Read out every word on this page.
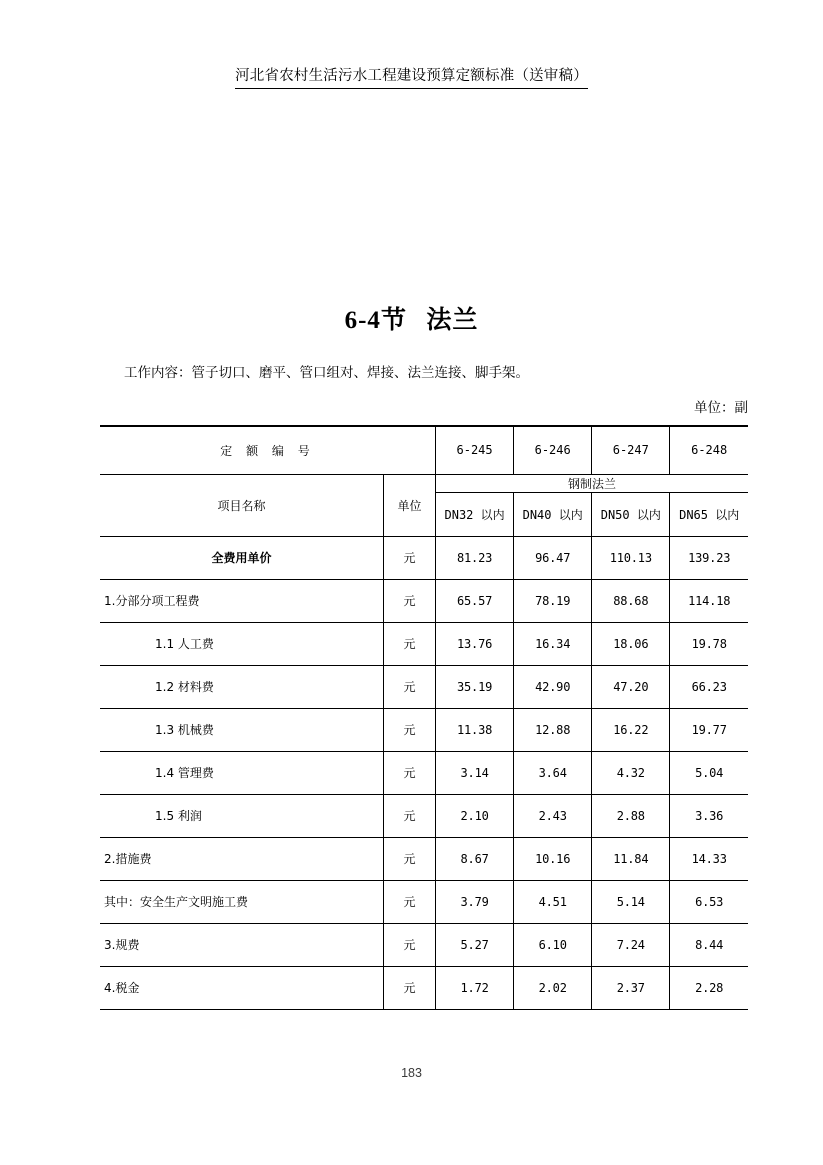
河北省农村生活污水工程建设预算定额标准（送审稿）
6-4节 法兰
工作内容：管子切口、磨平、管口组对、焊接、法兰连接、脚手架。
单位：副
定 额 编 号		6-245	6-246	6-247	6-248
项目名称	单位	钢制法兰			
		DN32 以内	DN40 以内	DN50 以内	DN65 以内
全费用单价	元	81.23	96.47	110.13	139.23
1.分部分项工程费	元	65.57	78.19	88.68	114.18
1.1 人工费	元	13.76	16.34	18.06	19.78
1.2 材料费	元	35.19	42.90	47.20	66.23
1.3 机械费	元	11.38	12.88	16.22	19.77
1.4 管理费	元	3.14	3.64	4.32	5.04
1.5 利润	元	2.10	2.43	2.88	3.36
2.措施费	元	8.67	10.16	11.84	14.33
其中：安全生产文明施工费	元	3.79	4.51	5.14	6.53
3.规费	元	5.27	6.10	7.24	8.44
4.税金	元	1.72	2.02	2.37	2.28
183
